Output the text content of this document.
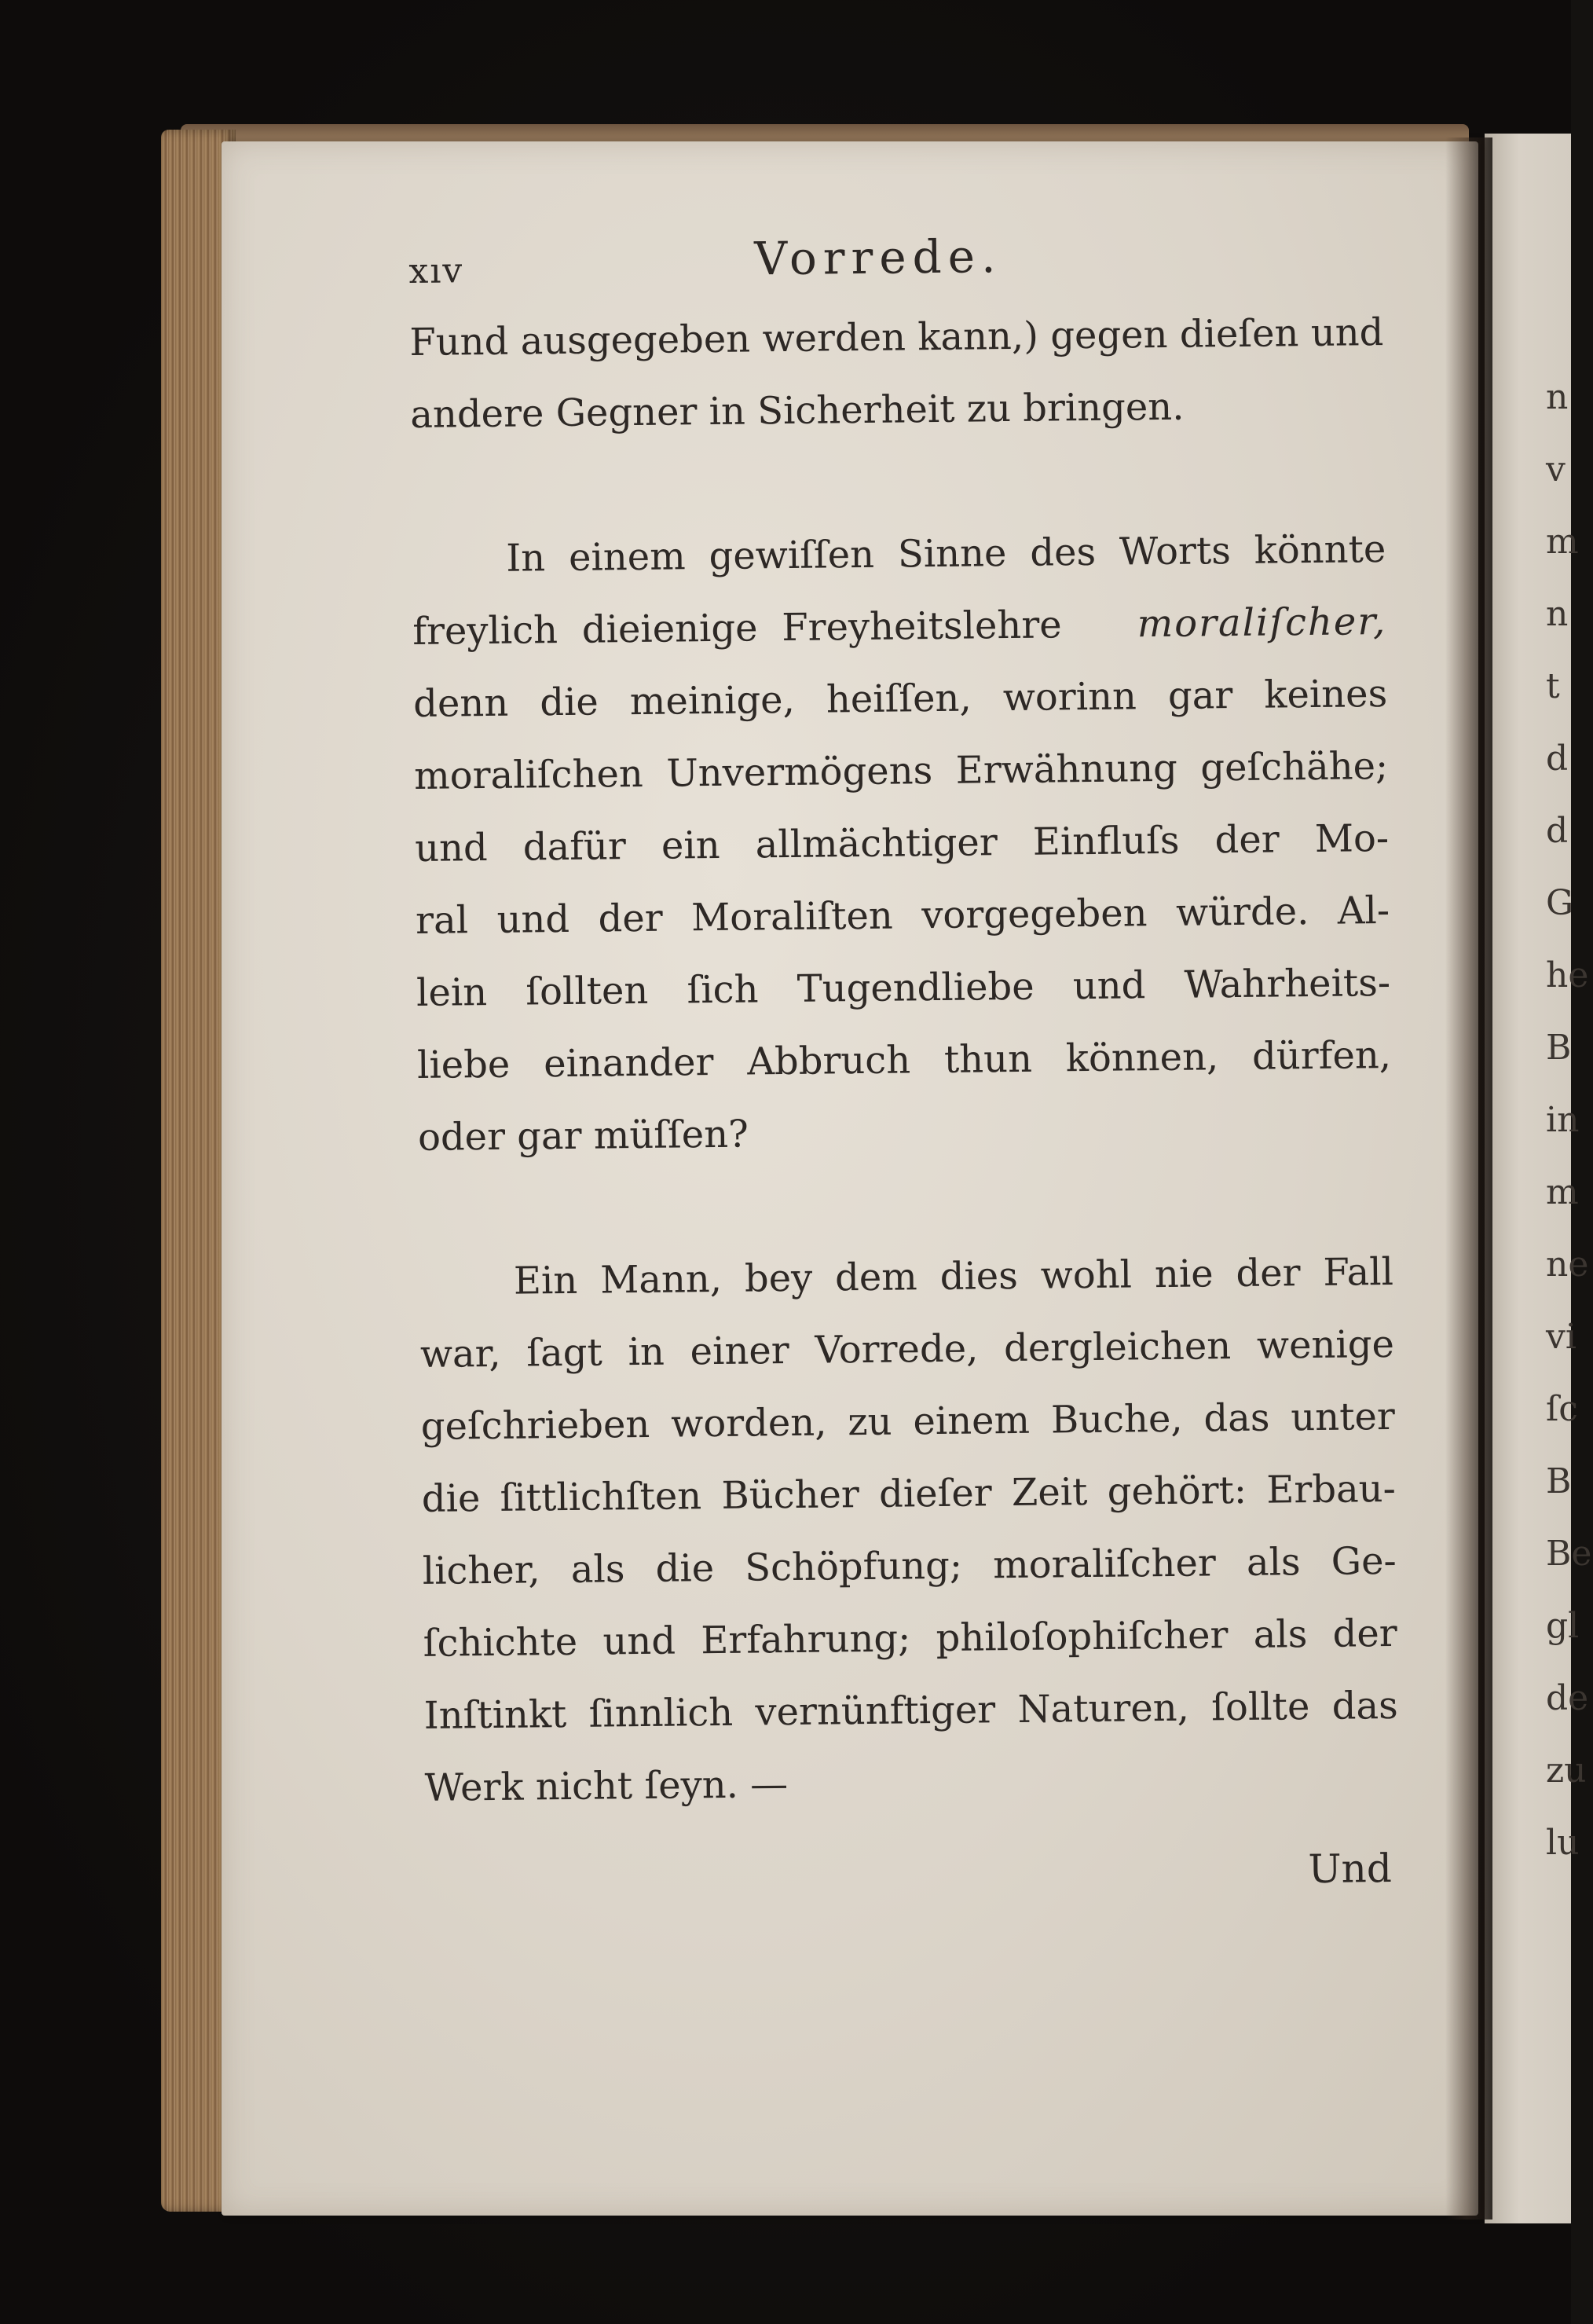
n
v
m
n
t
d
d
G
he
B
in
m
ne
vi
ſc
B
Be
gl
de
zu
lu
xıv	Vorrede.
Fund ausgegeben werden kann,) gegen dieſen und
andere Gegner in Sicherheit zu bringen.
In einem gewiſſen Sinne des Worts könnte
freylich dieienige Freyheitslehre   moraliſcher,
denn die meinige, heiſſen, worinn gar keines
moraliſchen Unvermögens Erwähnung geſchähe;
und dafür ein allmächtiger Einfluſs der Mo-
ral und der Moraliſten vorgegeben würde. Al-
lein ſollten ſich Tugendliebe und Wahrheits-
liebe einander Abbruch thun können, dürfen,
oder gar müſſen?
Ein Mann, bey dem dies wohl nie der Fall
war, ſagt in einer Vorrede, dergleichen wenige
geſchrieben worden, zu einem Buche, das unter
die ſittlichſten Bücher dieſer Zeit gehört: Erbau-
licher, als die Schöpfung; moraliſcher als Ge-
ſchichte und Erfahrung; philoſophiſcher als der
Inſtinkt ſinnlich vernünftiger Naturen, ſollte das
Werk nicht ſeyn. —
Und
